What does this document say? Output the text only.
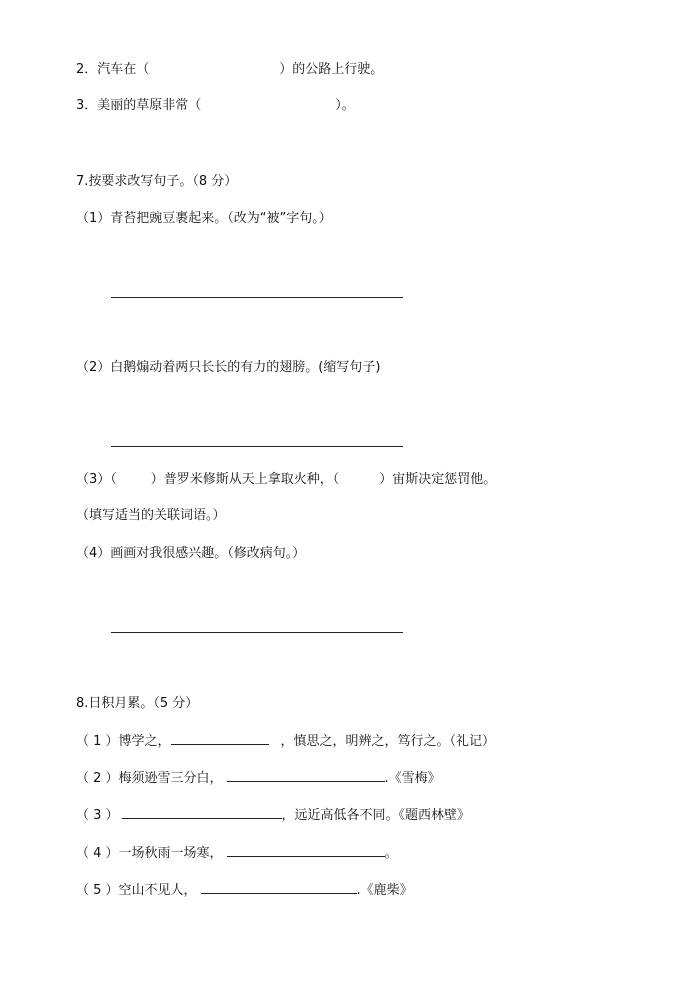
2．汽车在（	）的公路上行驶。
3．美丽的草原非常（	）。
7.按要求改写句子。（8 分）
（1）青苔把豌豆裹起来。（改为“被”字句。）
（2）白鹅煽动着两只长长的有力的翅膀。(缩写句子)
（3）（	）普罗米修斯从天上拿取火种，（	）宙斯决定惩罚他。
（填写适当的关联词语。）
（4）画画对我很感兴趣。（修改病句。）
8.日积月累。（5 分）
（ 1 ）博学之，	，慎思之，明辨之，笃行之。（礼记）
（ 2 ）梅须逊雪三分白，	.《雪梅》
（ 3 ）	，远近高低各不同。《题西林壁》
（ 4 ）一场秋雨一场寒，	。
（ 5 ）空山不见人，	.《鹿柴》
